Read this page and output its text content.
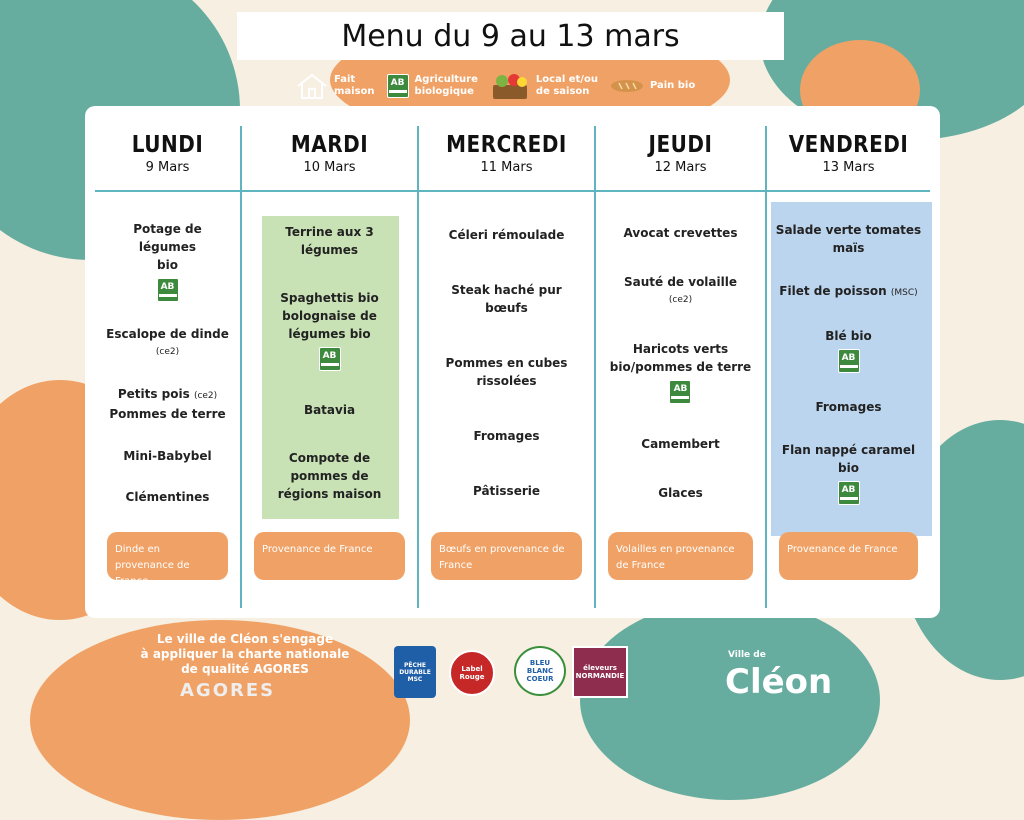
Menu du 9 au 13 mars
Fait
maison
AB Agriculture
biologique
Local et/ou
de saison
Pain bio
LUNDI
9 Mars
Potage de légumes
bio
AB
Escalope de dinde
(ce2)
Petits pois (ce2)
Pommes de terre
Mini-Babybel
Clémentines
Dinde en provenance de France
MARDI
10 Mars
Terrine aux 3
légumes
Spaghettis bio
bolognaise de
légumes bio
AB
Batavia
Compote de
pommes de
régions maison
Provenance de France
MERCREDI
11 Mars
Céleri rémoulade
Steak haché pur
bœufs
Pommes en cubes
rissolées
Fromages
Pâtisserie
Bœufs en provenance de France
JEUDI
12 Mars
Avocat crevettes
Sauté de volaille
(ce2)
Haricots verts
bio/pommes de terre
AB
Camembert
Glaces
Volailles en provenance de France
VENDREDI
13 Mars
Salade verte tomates
maïs
Filet de poisson (MSC)
Blé bio
AB
Fromages
Flan nappé caramel
bio
AB
Provenance de France
Le ville de Cléon s'engage
à appliquer la charte nationale
de qualité AGORES
AGORES
PÊCHE DURABLE MSC
Label Rouge
BLEU BLANC COEUR
éleveurs NORMANDIE
Ville de
Cléon
